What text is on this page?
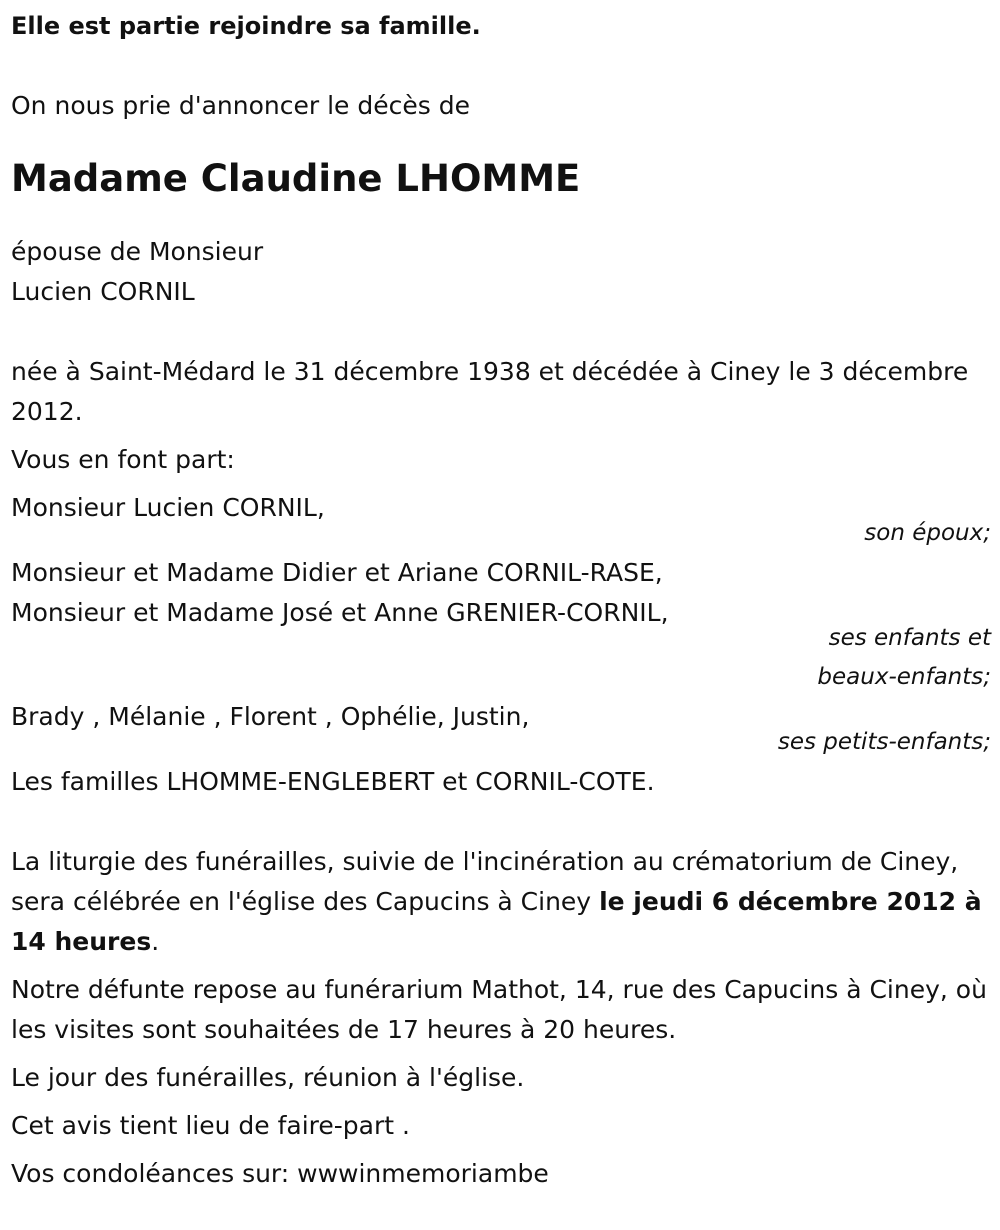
Elle est partie rejoindre sa famille.

On nous prie d'annoncer le décès de

Madame Claudine LHOMME

épouse de Monsieur

Lucien CORNIL

née à Saint-Médard le 31 décembre 1938 et décédée à Ciney le 3 décembre 2012.

Vous en font part:

Monsieur Lucien CORNIL,

son époux;

Monsieur et Madame Didier et Ariane CORNIL-RASE,

Monsieur et Madame José et Anne GRENIER-CORNIL,

ses enfants et
beaux-enfants;

Brady , Mélanie , Florent , Ophélie, Justin,

ses petits-enfants;

Les familles LHOMME-ENGLEBERT et CORNIL-COTE.

La liturgie des funérailles, suivie de l'incinération au crématorium de Ciney, sera célébrée en l'église des Capucins à Ciney le jeudi 6 décembre 2012 à 14 heures.

Notre défunte repose au funérarium Mathot, 14, rue des Capucins à Ciney, où les visites sont souhaitées de 17 heures à 20 heures.

Le jour des funérailles, réunion à l'église.

Cet avis tient lieu de faire-part .

Vos condoléances sur: wwwinmemoriambe
